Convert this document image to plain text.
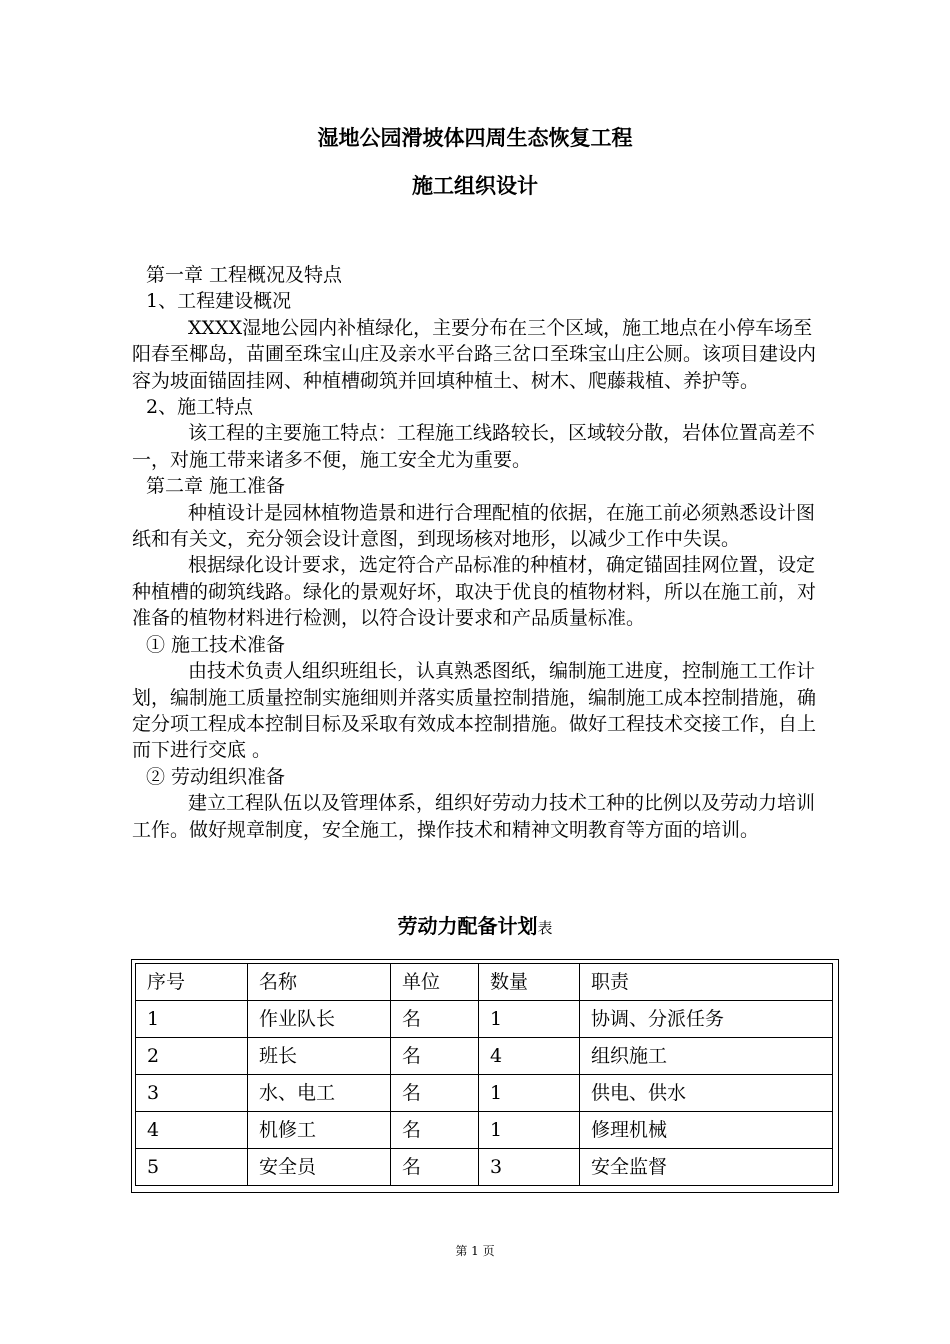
湿地公园滑坡体四周生态恢复工程
施工组织设计

第一章 工程概况及特点

1、工程建设概况

XXXX湿地公园内补植绿化，主要分布在三个区域，施工地点在小停车场至阳春至椰岛，苗圃至珠宝山庄及亲水平台路三岔口至珠宝山庄公厕。该项目建设内容为坡面锚固挂网、种植槽砌筑并回填种植土、树木、爬藤栽植、养护等。

2、施工特点

该工程的主要施工特点：工程施工线路较长，区域较分散，岩体位置高差不一，对施工带来诸多不便，施工安全尤为重要。

第二章 施工准备

种植设计是园林植物造景和进行合理配植的依据，在施工前必须熟悉设计图纸和有关文，充分领会设计意图，到现场核对地形，以减少工作中失误。

根据绿化设计要求，选定符合产品标准的种植材，确定锚固挂网位置，设定种植槽的砌筑线路。绿化的景观好坏，取决于优良的植物材料，所以在施工前，对准备的植物材料进行检测，以符合设计要求和产品质量标准。

① 施工技术准备

由技术负责人组织班组长，认真熟悉图纸，编制施工进度，控制施工工作计划，编制施工质量控制实施细则并落实质量控制措施，编制施工成本控制措施，确定分项工程成本控制目标及采取有效成本控制措施。做好工程技术交接工作，自上而下进行交底 。

② 劳动组织准备

建立工程队伍以及管理体系，组织好劳动力技术工种的比例以及劳动力培训工作。做好规章制度，安全施工，操作技术和精神文明教育等方面的培训。

劳动力配备计划表
序号	名称	单位	数量	职责
1	作业队长	名	1	协调、分派任务
2	班长	名	4	组织施工
3	水、电工	名	1	供电、供水
4	机修工	名	1	修理机械
5	安全员	名	3	安全监督
第 1 页
